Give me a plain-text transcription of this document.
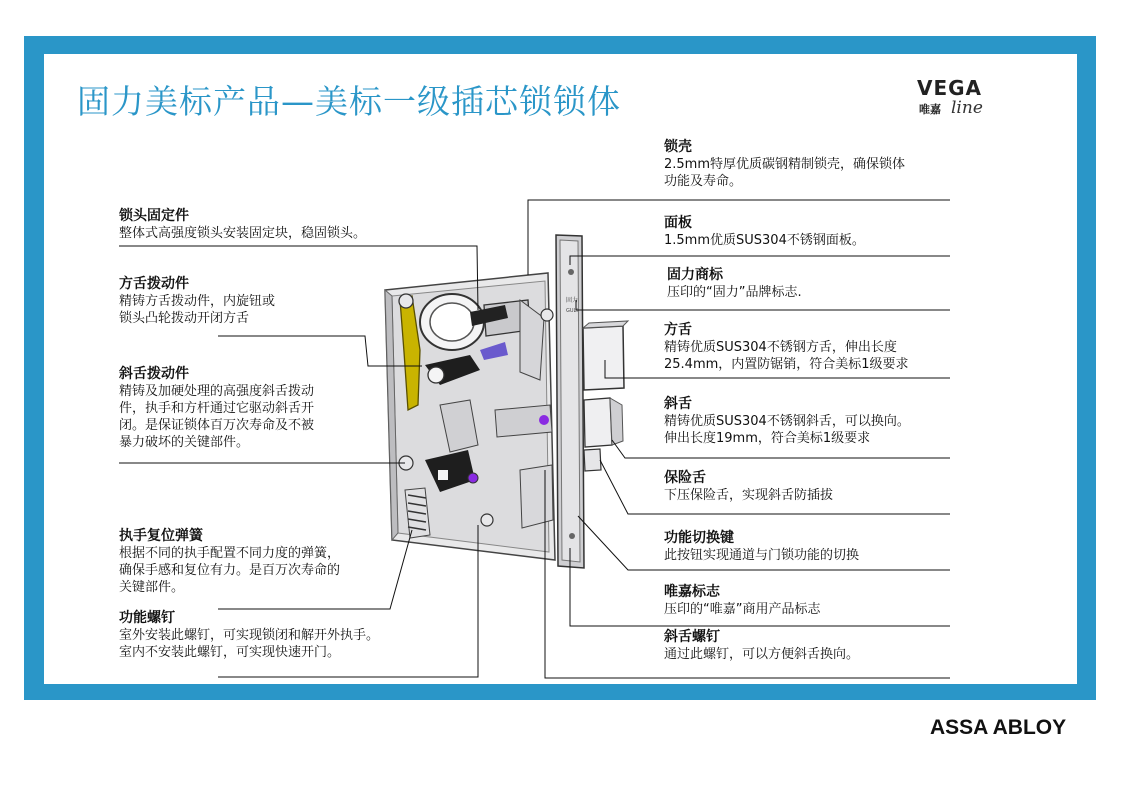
固力美标产品—美标一级插芯锁锁体	VEGA
唯嘉 line
固力
GULI
锁头固定件
整体式高强度锁头安装固定块，稳固锁头。
方舌拨动件
精铸方舌拨动件，内旋钮或
锁头凸轮拨动开闭方舌
斜舌拨动件
精铸及加硬处理的高强度斜舌拨动
件，执手和方杆通过它驱动斜舌开
闭。是保证锁体百万次寿命及不被
暴力破坏的关键部件。
执手复位弹簧
根据不同的执手配置不同力度的弹簧，
确保手感和复位有力。是百万次寿命的
关键部件。
功能螺钉
室外安装此螺钉，可实现锁闭和解开外执手。
室内不安装此螺钉，可实现快速开门。
锁壳
2.5mm特厚优质碳钢精制锁壳，确保锁体
功能及寿命。
面板
1.5mm优质SUS304不锈钢面板。
固力商标
压印的“固力”品牌标志.
方舌
精铸优质SUS304不锈钢方舌，伸出长度
25.4mm，内置防锯销，符合美标1级要求
斜舌
精铸优质SUS304不锈钢斜舌，可以换向。
伸出长度19mm，符合美标1级要求
保险舌
下压保险舌，实现斜舌防插拔
功能切换键
此按钮实现通道与门锁功能的切换
唯嘉标志
压印的“唯嘉”商用产品标志
斜舌螺钉
通过此螺钉，可以方便斜舌换向。
ASSA ABLOY
